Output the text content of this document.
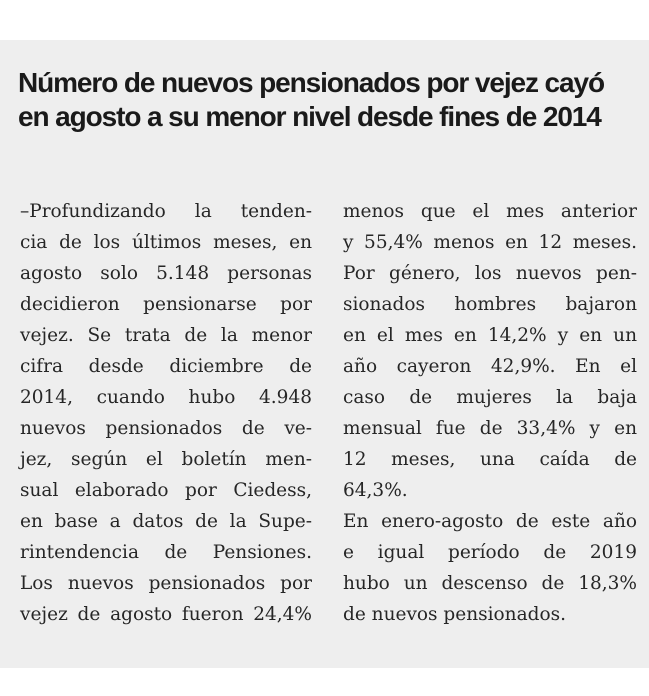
Número de nuevos pensionados por vejez cayó
en agosto a su menor nivel desde fines de 2014
–Profundizando la tenden-
cia de los últimos meses, en
agosto solo 5.148 personas
decidieron pensionarse por
vejez. Se trata de la menor
cifra desde diciembre de
2014, cuando hubo 4.948
nuevos pensionados de ve-
jez, según el boletín men-
sual elaborado por Ciedess,
en base a datos de la Supe-
rintendencia de Pensiones.
Los nuevos pensionados por
vejez de agosto fueron 24,4%
menos que el mes anterior
y 55,4% menos en 12 meses.
Por género, los nuevos pen-
sionados hombres bajaron
en el mes en 14,2% y en un
año cayeron 42,9%. En el
caso de mujeres la baja
mensual fue de 33,4% y en
12 meses, una caída de
64,3%.
En enero-agosto de este año
e igual período de 2019
hubo un descenso de 18,3%
de nuevos pensionados.
